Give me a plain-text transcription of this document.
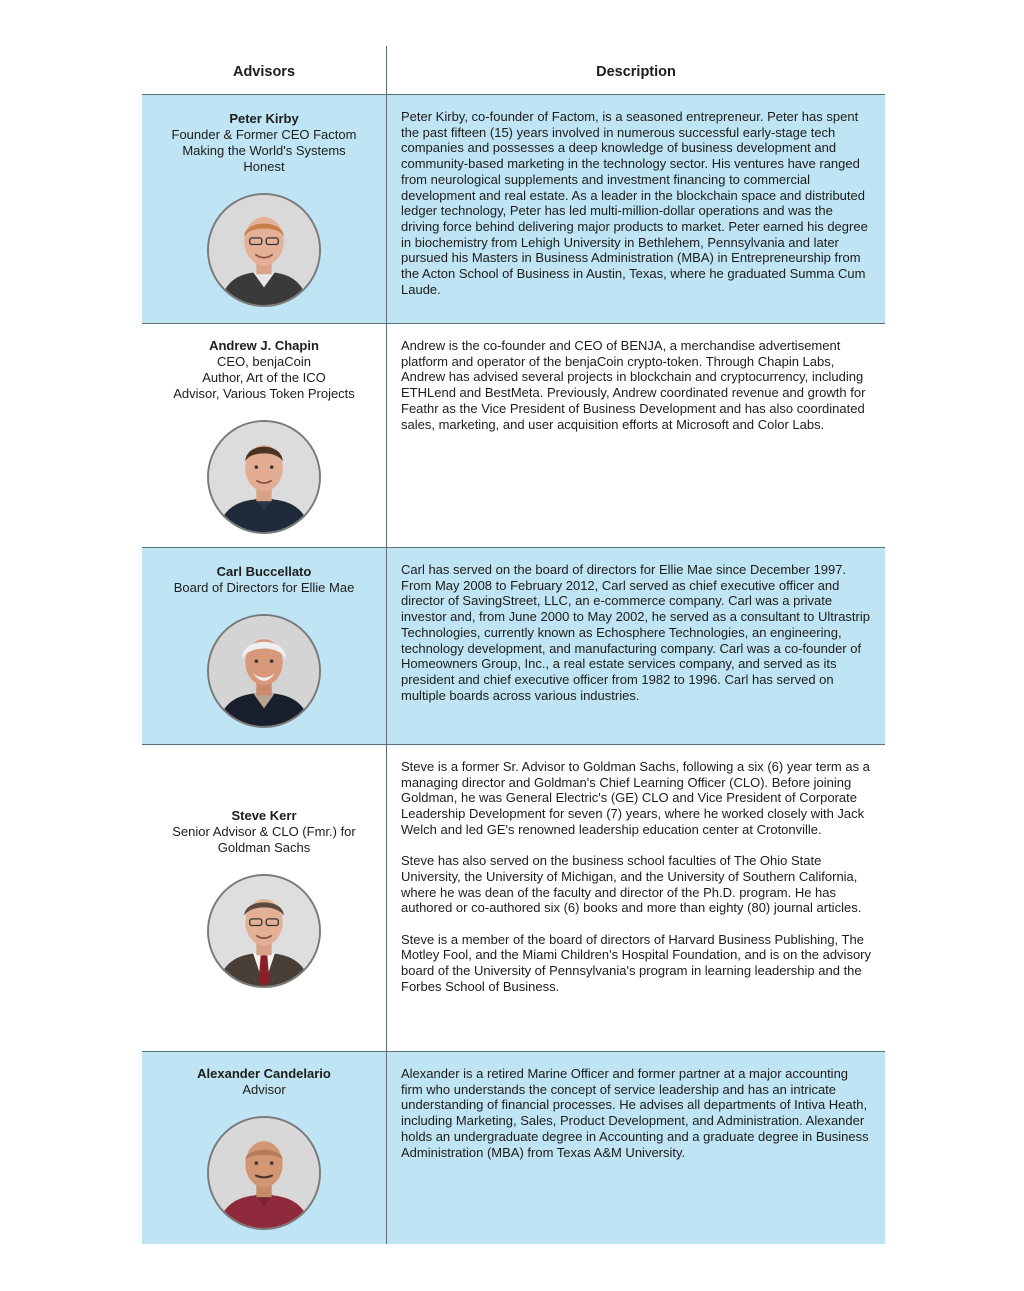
Advisors	Description
Peter Kirby
Founder & Former CEO Factom
Making the World's Systems
Honest

Peter Kirby, co-founder of Factom, is a seasoned entrepreneur. Peter has spent the past fifteen (15) years involved in numerous successful early-stage tech companies and possesses a deep knowledge of business development and community-based marketing in the technology sector. His ventures have ranged from neurological supplements and investment financing to commercial development and real estate. As a leader in the blockchain space and distributed ledger technology, Peter has led multi-million-dollar operations and was the driving force behind delivering major products to market. Peter earned his degree in biochemistry from Lehigh University in Bethlehem, Pennsylvania and later pursued his Masters in Business Administration (MBA) in Entrepreneurship from the Acton School of Business in Austin, Texas, where he graduated Summa Cum Laude.

Andrew J. Chapin
CEO, benjaCoin
Author, Art of the ICO
Advisor, Various Token Projects

Andrew is the co-founder and CEO of BENJA, a merchandise advertisement platform and operator of the benjaCoin crypto-token. Through Chapin Labs, Andrew has advised several projects in blockchain and cryptocurrency, including ETHLend and BestMeta. Previously, Andrew coordinated revenue and growth for Feathr as the Vice President of Business Development and has also coordinated sales, marketing, and user acquisition efforts at Microsoft and Color Labs.

Carl Buccellato
Board of Directors for Ellie Mae

Carl has served on the board of directors for Ellie Mae since December 1997. From May 2008 to February 2012, Carl served as chief executive officer and director of SavingStreet, LLC, an e-commerce company. Carl was a private investor and, from June 2000 to May 2002, he served as a consultant to Ultrastrip Technologies, currently known as Echosphere Technologies, an engineering, technology development, and manufacturing company. Carl was a co-founder of Homeowners Group, Inc., a real estate services company, and served as its president and chief executive officer from 1982 to 1996. Carl has served on multiple boards across various industries.

Steve Kerr
Senior Advisor & CLO (Fmr.) for
Goldman Sachs

Steve is a former Sr. Advisor to Goldman Sachs, following a six (6) year term as a managing director and Goldman's Chief Learning Officer (CLO). Before joining Goldman, he was General Electric's (GE) CLO and Vice President of Corporate Leadership Development for seven (7) years, where he worked closely with Jack Welch and led GE's renowned leadership education center at Crotonville.

Steve has also served on the business school faculties of The Ohio State University, the University of Michigan, and the University of Southern California, where he was dean of the faculty and director of the Ph.D. program. He has authored or co-authored six (6) books and more than eighty (80) journal articles.

Steve is a member of the board of directors of Harvard Business Publishing, The Motley Fool, and the Miami Children's Hospital Foundation, and is on the advisory board of the University of Pennsylvania's program in learning leadership and the Forbes School of Business.

Alexander Candelario
Advisor

Alexander is a retired Marine Officer and former partner at a major accounting firm who understands the concept of service leadership and has an intricate understanding of financial processes. He advises all departments of Intiva Heath, including Marketing, Sales, Product Development, and Administration. Alexander holds an undergraduate degree in Accounting and a graduate degree in Business Administration (MBA) from Texas A&M University.
